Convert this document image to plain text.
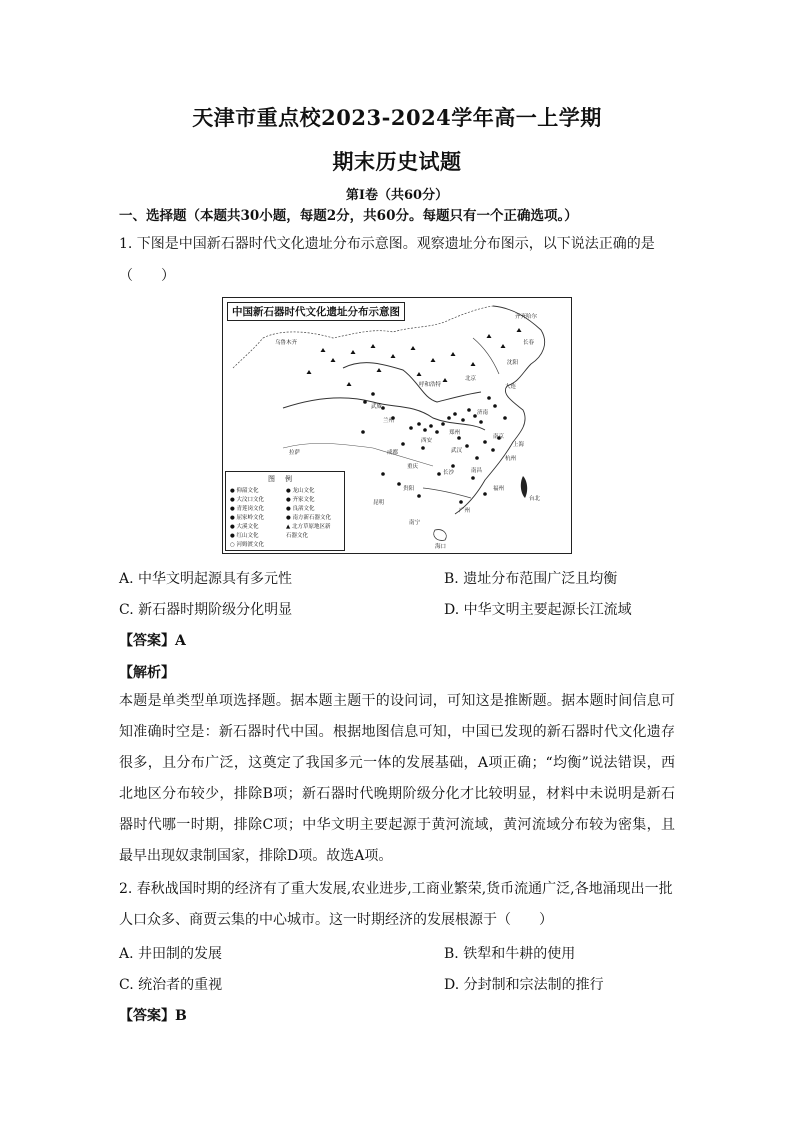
天津市重点校2023-2024学年高一上学期
期末历史试题
第Ⅰ卷（共60分）
一、选择题（本题共30小题，每题2分，共60分。每题只有一个正确选项。）
1. 下图是中国新石器时代文化遗址分布示意图。观察遗址分布图示，以下说法正确的是
（　　）
中国新石器时代文化遗址分布示意图
乌鲁木齐
齐齐哈尔
长春
沈阳
呼和浩特
北京
大连
武威
兰州
西安
郑州
济南
南京
上海
杭州
拉萨	成都
重庆
武汉
昆明
贵阳
长沙	南昌
福州
广州
南宁
台北
海口
图例
● 仰韶文化	● 龙山文化
● 大汶口文化	● 齐家文化
● 青莲岗文化	● 良渚文化
● 屈家岭文化	● 南方新石器文化
● 大溪文化	▲ 北方草原地区新
● 红山文化	石器文化
○ 河姆渡文化
A. 中华文明起源具有多元性	B. 遗址分布范围广泛且均衡
C. 新石器时期阶级分化明显	D. 中华文明主要起源长江流域
【答案】A
【解析】
本题是单类型单项选择题。据本题主题干的设问词，可知这是推断题。据本题时间信息可知准确时空是：新石器时代中国。根据地图信息可知，中国已发现的新石器时代文化遗存很多，且分布广泛，这奠定了我国多元一体的发展基础，A项正确；“均衡”说法错误，西北地区分布较少，排除B项；新石器时代晚期阶级分化才比较明显，材料中未说明是新石器时代哪一时期，排除C项；中华文明主要起源于黄河流域，黄河流域分布较为密集，且最早出现奴隶制国家，排除D项。故选A项。
2. 春秋战国时期的经济有了重大发展,农业进步,工商业繁荣,货币流通广泛,各地涌现出一批
人口众多、商贾云集的中心城市。这一时期经济的发展根源于（　　）
A. 井田制的发展	B. 铁犁和牛耕的使用
C. 统治者的重视	D. 分封制和宗法制的推行
【答案】B
